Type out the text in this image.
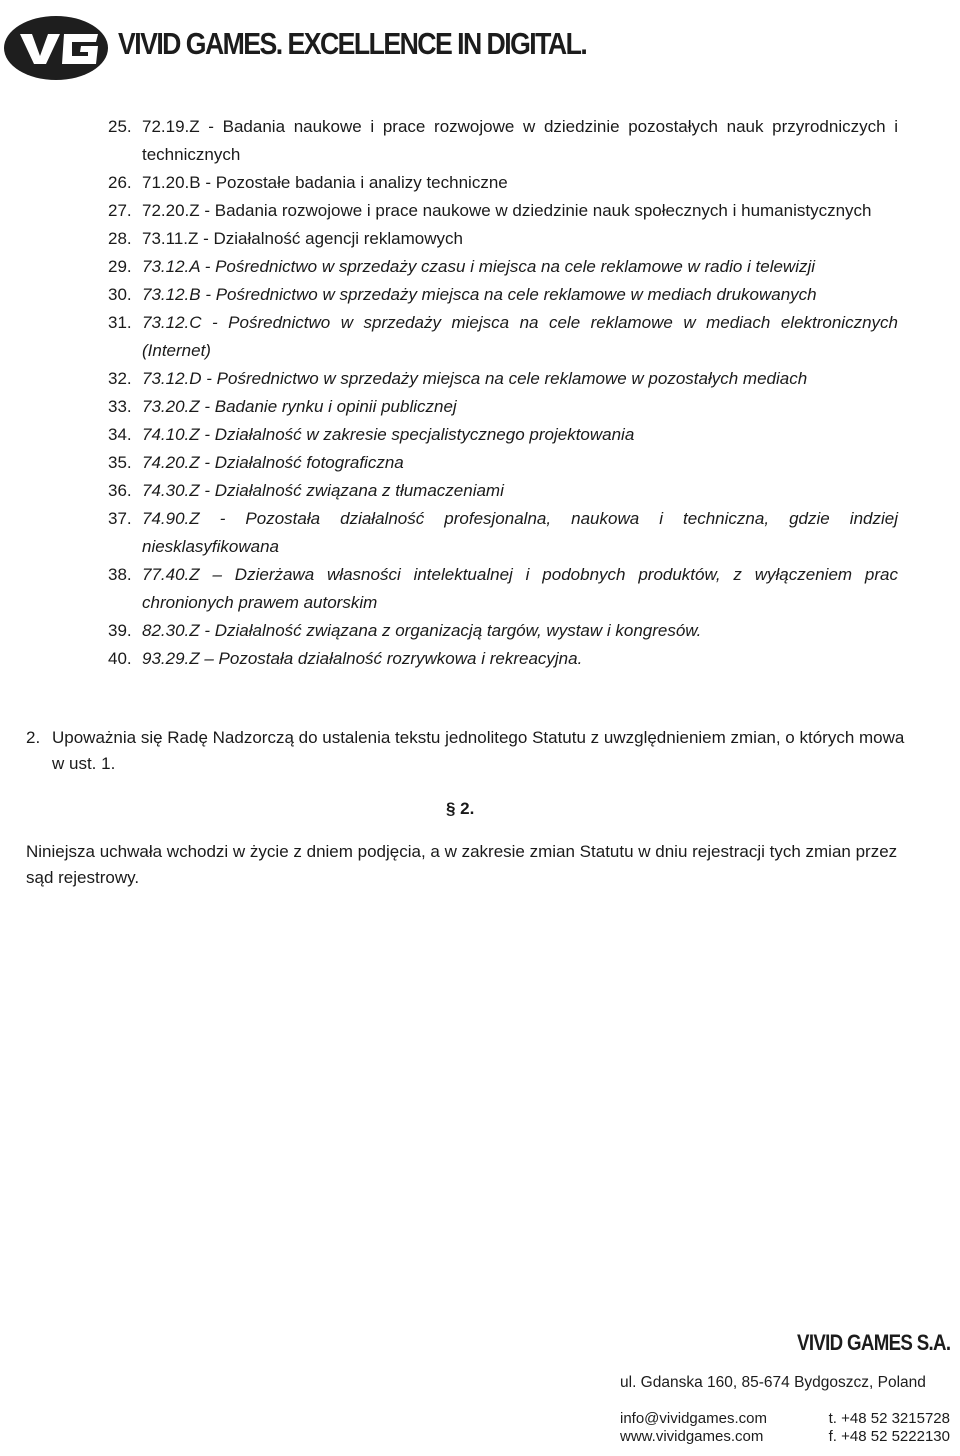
VIVID GAMES. EXCELLENCE IN DIGITAL.
25. 72.19.Z - Badania naukowe i prace rozwojowe w dziedzinie pozostałych nauk przyrodniczych i technicznych
26. 71.20.B - Pozostałe badania i analizy techniczne
27. 72.20.Z - Badania rozwojowe i prace naukowe w dziedzinie nauk społecznych i humanistycznych
28. 73.11.Z - Działalność agencji reklamowych
29. 73.12.A - Pośrednictwo w sprzedaży czasu i miejsca na cele reklamowe w radio i telewizji
30. 73.12.B - Pośrednictwo w sprzedaży miejsca na cele reklamowe w mediach drukowanych
31. 73.12.C - Pośrednictwo w sprzedaży miejsca na cele reklamowe w mediach elektronicznych (Internet)
32. 73.12.D - Pośrednictwo w sprzedaży miejsca na cele reklamowe w pozostałych mediach
33. 73.20.Z - Badanie rynku i opinii publicznej
34. 74.10.Z - Działalność w zakresie specjalistycznego projektowania
35. 74.20.Z - Działalność fotograficzna
36. 74.30.Z - Działalność związana z tłumaczeniami
37. 74.90.Z - Pozostała działalność profesjonalna, naukowa i techniczna, gdzie indziej niesklasyfikowana
38. 77.40.Z – Dzierżawa własności intelektualnej i podobnych produktów, z wyłączeniem prac chronionych prawem autorskim
39. 82.30.Z - Działalność związana z organizacją targów, wystaw i kongresów.
40. 93.29.Z – Pozostała działalność rozrywkowa i rekreacyjna.
2. Upoważnia się Radę Nadzorczą do ustalenia tekstu jednolitego Statutu z uwzględnieniem zmian, o których mowa w ust. 1.
§ 2.
Niniejsza uchwała wchodzi w życie z dniem podjęcia, a w zakresie zmian Statutu w dniu rejestracji tych zmian przez sąd rejestrowy.
VIVID GAMES S.A.
ul. Gdanska 160, 85-674 Bydgoszcz, Poland
info@vividgames.com	t. +48 52 3215728
www.vividgames.com	f. +48 52 5222130
